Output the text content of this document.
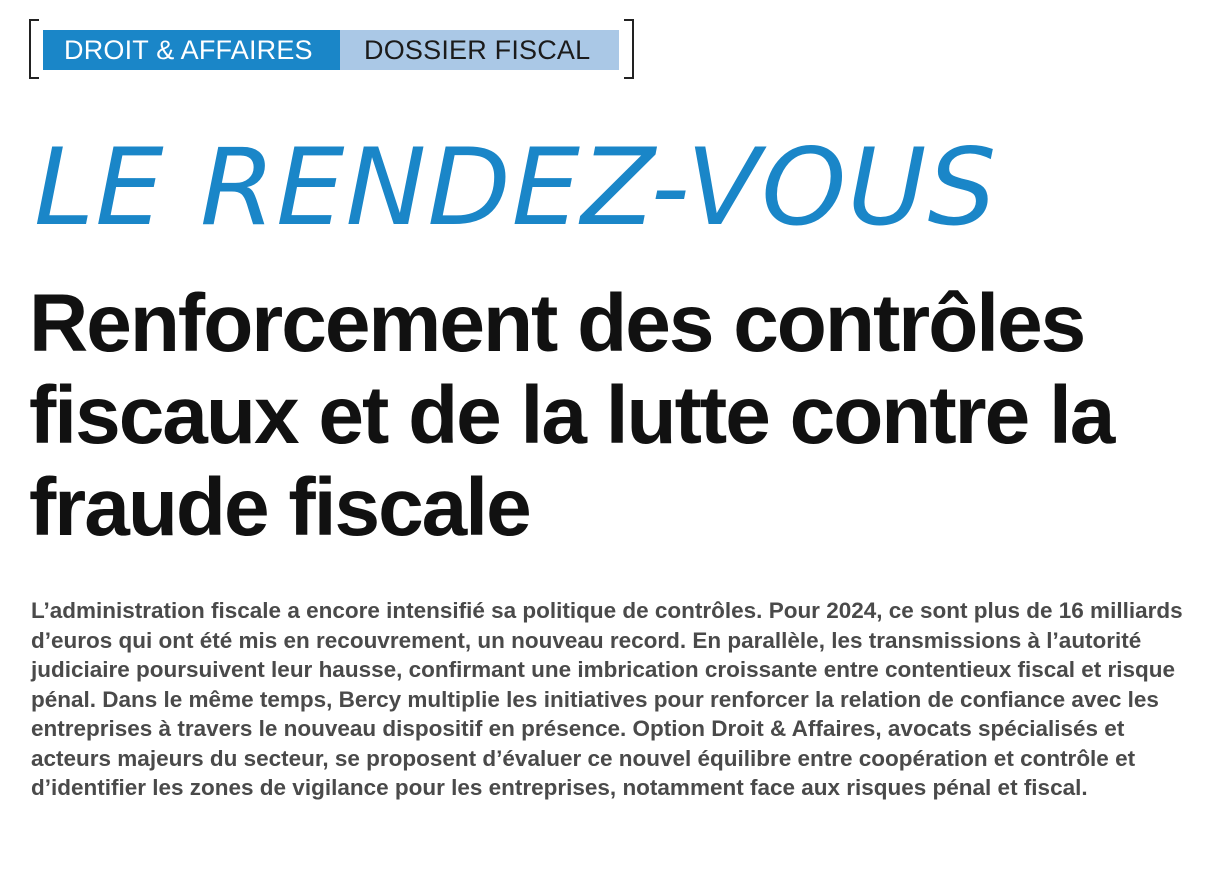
DROIT & AFFAIRES	DOSSIER FISCAL
LE RENDEZ-VOUS
Renforcement des contrôles fiscaux et de la lutte contre la fraude fiscale

L’administration fiscale a encore intensifié sa politique de contrôles. Pour 2024, ce sont plus de 16 milliards d’euros qui ont été mis en recouvrement, un nouveau record. En parallèle, les transmissions à l’autorité judiciaire poursuivent leur hausse, confirmant une imbrication croissante entre contentieux fiscal et risque pénal. Dans le même temps, Bercy multiplie les initiatives pour renforcer la relation de confiance avec les entreprises à travers le nouveau dispositif en présence. Option Droit & Affaires, avocats spécialisés et acteurs majeurs du secteur, se proposent d’évaluer ce nouvel équilibre entre coopération et contrôle et d’identifier les zones de vigilance pour les entreprises, notamment face aux risques pénal et fiscal.
